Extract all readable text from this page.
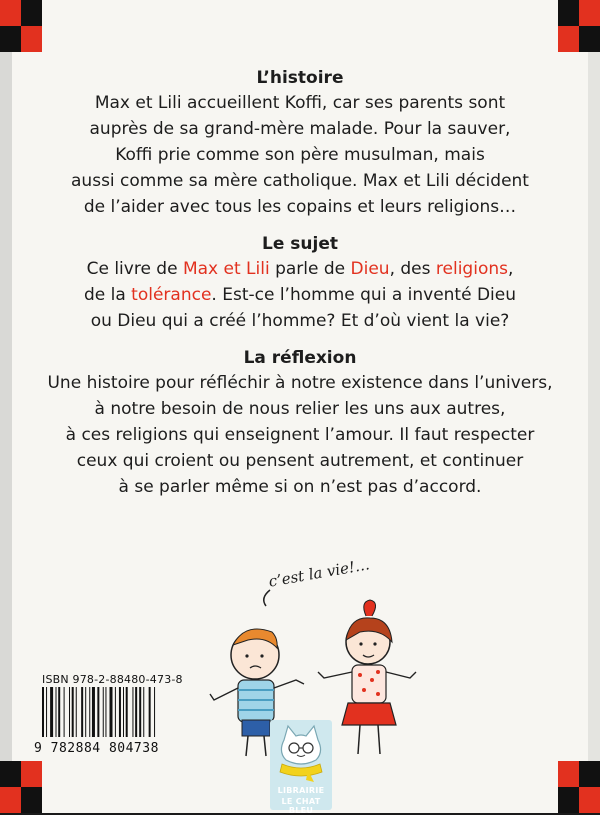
L’histoire

Max et Lili accueillent Koffi, car ses parents sont
auprès de sa grand-mère malade. Pour la sauver,
Koffi prie comme son père musulman, mais
aussi comme sa mère catholique. Max et Lili décident
de l’aider avec tous les copains et leurs religions…

Le sujet

Ce livre de Max et Lili parle de Dieu, des religions,
de la tolérance. Est-ce l’homme qui a inventé Dieu
ou Dieu qui a créé l’homme? Et d’où vient la vie?

La réflexion

Une histoire pour réfléchir à notre existence dans l’univers,
à notre besoin de nous relier les uns aux autres,
à ces religions qui enseignent l’amour. Il faut respecter
ceux qui croient ou pensent autrement, et continuer
à se parler même si on n’est pas d’accord.

c’est la vie!…
ISBN 978-2-88480-473-8
9 782884 804738
LIBRAIRIE
LE CHAT BLEU
